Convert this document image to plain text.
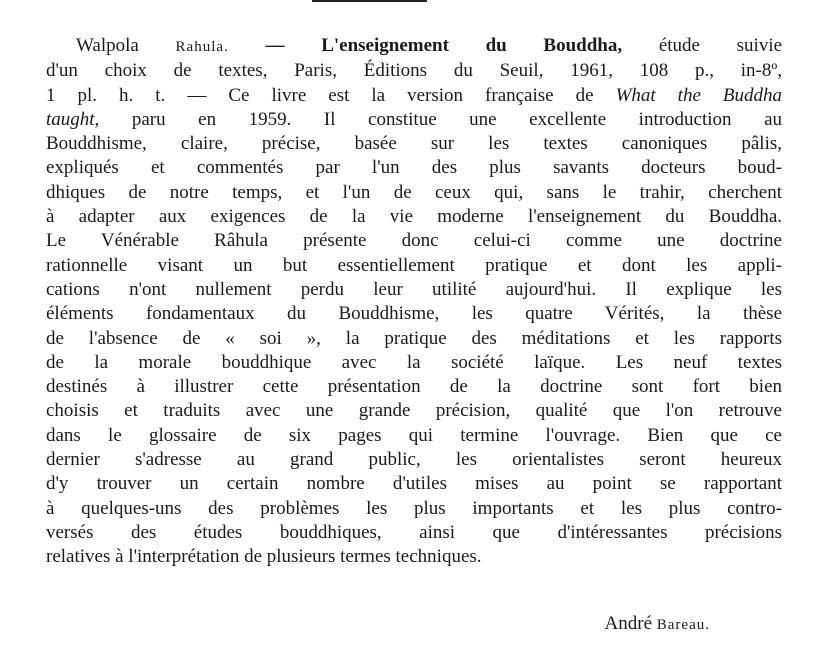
Walpola Rahula. — L'enseignement du Bouddha, étude suivie
d'un choix de textes, Paris, Éditions du Seuil, 1961, 108 p., in-8º,
1 pl. h. t. — Ce livre est la version française de What the Buddha
taught, paru en 1959. Il constitue une excellente introduction au
Bouddhisme, claire, précise, basée sur les textes canoniques pâlis,
expliqués et commentés par l'un des plus savants docteurs boud-
dhiques de notre temps, et l'un de ceux qui, sans le trahir, cherchent
à adapter aux exigences de la vie moderne l'enseignement du Bouddha.
Le Vénérable Râhula présente donc celui-ci comme une doctrine
rationnelle visant un but essentiellement pratique et dont les appli-
cations n'ont nullement perdu leur utilité aujourd'hui. Il explique les
éléments fondamentaux du Bouddhisme, les quatre Vérités, la thèse
de l'absence de « soi », la pratique des méditations et les rapports
de la morale bouddhique avec la société laïque. Les neuf textes
destinés à illustrer cette présentation de la doctrine sont fort bien
choisis et traduits avec une grande précision, qualité que l'on retrouve
dans le glossaire de six pages qui termine l'ouvrage. Bien que ce
dernier s'adresse au grand public, les orientalistes seront heureux
d'y trouver un certain nombre d'utiles mises au point se rapportant
à quelques-uns des problèmes les plus importants et les plus contro-
versés des études bouddhiques, ainsi que d'intéressantes précisions
relatives à l'interprétation de plusieurs termes techniques.
André Bareau.
